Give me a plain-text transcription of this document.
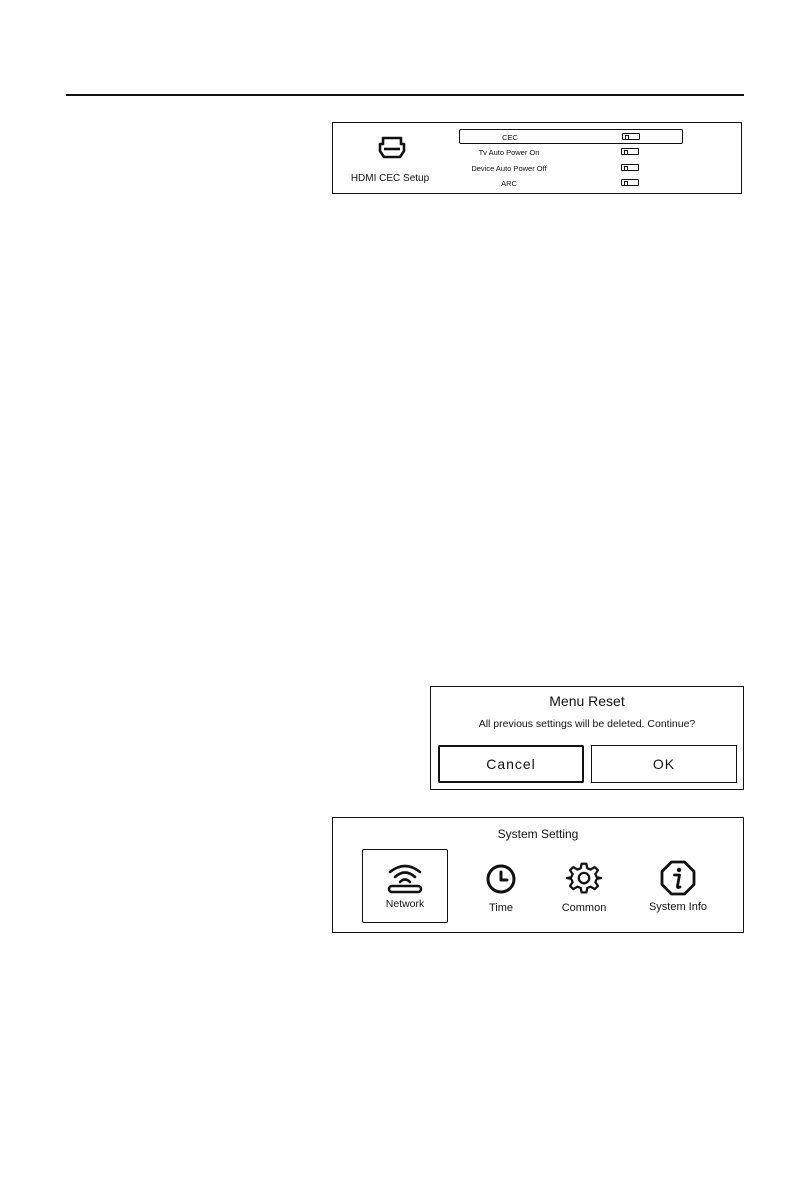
HDMI CEC Setup
CEC
Tv Auto Power On
Device Auto Power Off
ARC
Menu Reset
All previous settings will be deleted. Continue?
Cancel	OK
System Setting
Network	Time	Common	System Info
